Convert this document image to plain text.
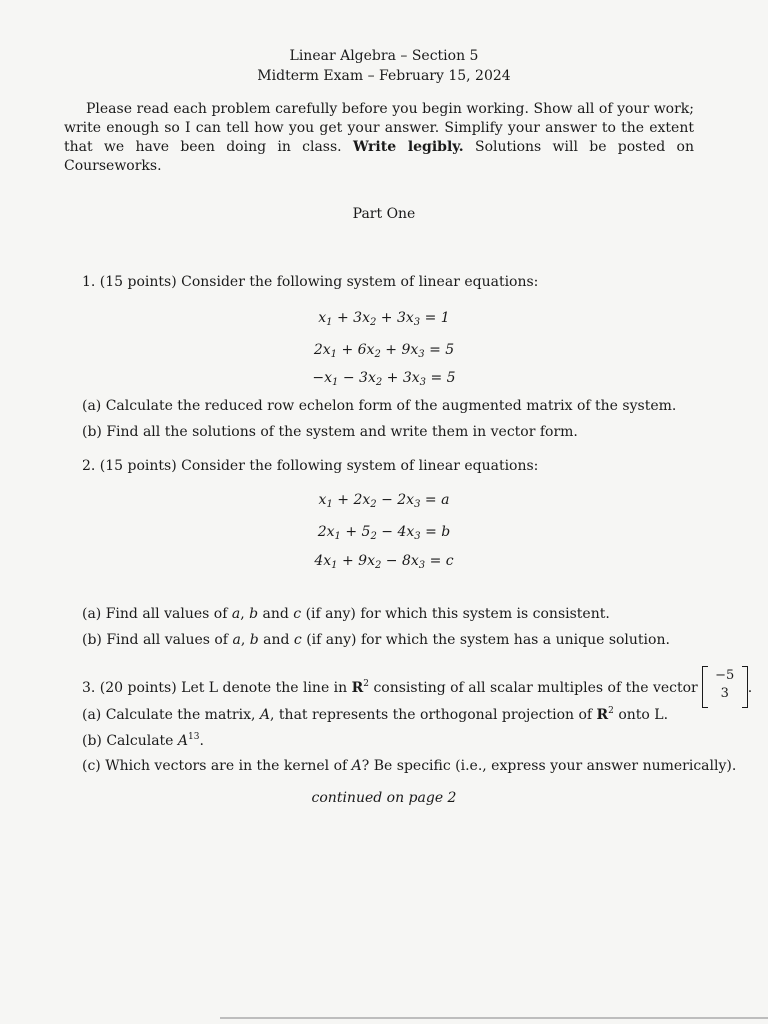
Linear Algebra – Section 5
Midterm Exam – February 15, 2024
Please read each problem carefully before you begin working. Show all of your work; write enough so I can tell how you get your answer. Simplify your answer to the extent that we have been doing in class. Write legibly. Solutions will be posted on Courseworks.
Part One
1. (15 points) Consider the following system of linear equations:
$x_1 + 3x_2 + 3x_3 = 1$
$2x_1 + 6x_2 + 9x_3 = 5$
$-x_1 - 3x_2 + 3x_3 = 5$
(a) Calculate the reduced row echelon form of the augmented matrix of the system.
(b) Find all the solutions of the system and write them in vector form.
2. (15 points) Consider the following system of linear equations:
$x_1 + 2x_2 - 2x_3 = a$
$2x_1 + 5_2 - 4x_3 = b$
$4x_1 + 9x_2 - 8x_3 = c$
(a) Find all values of a, b and c (if any) for which this system is consistent.
(b) Find all values of a, b and c (if any) for which the system has a unique solution.
3. (20 points) Let L denote the line in $R^2$ consisting of all scalar multiples of the vector
−5
3	.
(a) Calculate the matrix, A, that represents the orthogonal projection of $R^2$ onto L.
(b) Calculate $A^{13}$.
(c) Which vectors are in the kernel of A? Be specific (i.e., express your answer numerically).
continued on page 2
